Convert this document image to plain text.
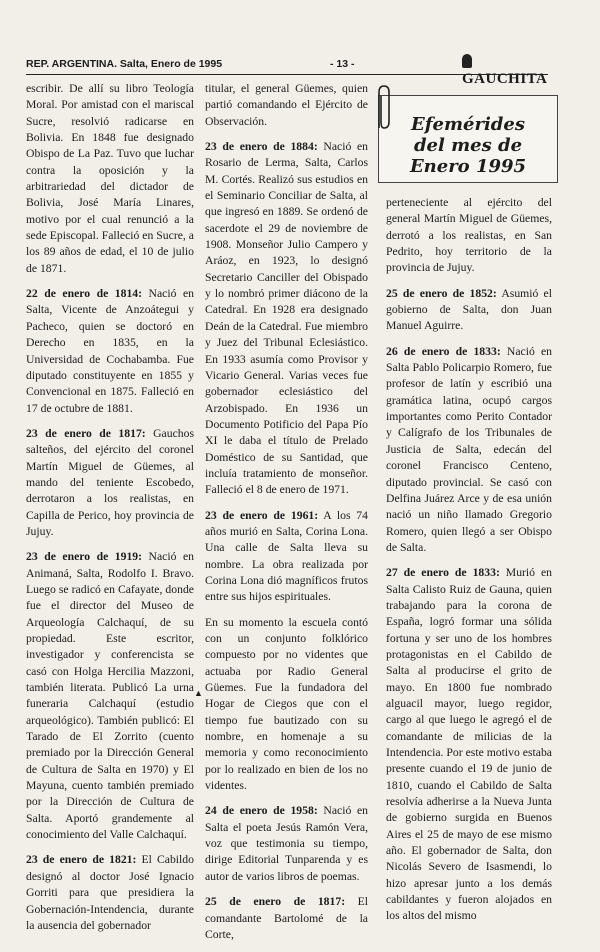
REP. ARGENTINA. Salta, Enero de 1995	- 13 -
GAUCHITA

escribir. De allí su libro Teología Moral. Por amistad con el mariscal Sucre, resolvió radicarse en Bolivia. En 1848 fue designado Obispo de La Paz. Tuvo que luchar contra la oposición y la arbitrariedad del dictador de Bolivia, José María Linares, motivo por el cual renunció a la sede Episcopal. Falleció en Sucre, a los 89 años de edad, el 10 de julio de 1871.

22 de enero de 1814: Nació en Salta, Vicente de Anzoátegui y Pacheco, quien se doctoró en Derecho en 1835, en la Universidad de Cochabamba. Fue diputado constituyente en 1855 y Convencional en 1875. Falleció en 17 de octubre de 1881.

23 de enero de 1817: Gauchos salteños, del ejército del coronel Martín Miguel de Güemes, al mando del teniente Escobedo, derrotaron a los realistas, en Capilla de Perico, hoy provincia de Jujuy.

23 de enero de 1919: Nació en Animaná, Salta, Rodolfo I. Bravo. Luego se radicó en Cafayate, donde fue el director del Museo de Arqueología Calchaquí, de su propiedad. Este escritor, investigador y conferencista se casó con Holga Hercilia Mazzoni, también literata. Publicó La urna funeraria Calchaquí (estudio arqueológico). También publicó: El Tarado de El Zorrito (cuento premiado por la Dirección General de Cultura de Salta en 1970) y El Mayuna, cuento también premiado por la Dirección de Cultura de Salta. Aportó grandemente al conocimiento del Valle Calchaquí.

23 de enero de 1821: El Cabildo designó al doctor José Ignacio Gorriti para que presidiera la Gobernación-Intendencia, durante la ausencia del gobernador

titular, el general Güemes, quien partió comandando el Ejército de Observación.

23 de enero de 1884: Nació en Rosario de Lerma, Salta, Carlos M. Cortés. Realizó sus estudios en el Seminario Conciliar de Salta, al que ingresó en 1889. Se ordenó de sacerdote el 29 de noviembre de 1908. Monseñor Julio Campero y Aráoz, en 1923, lo designó Secretario Canciller del Obispado y lo nombró primer diácono de la Catedral. En 1928 era designado Deán de la Catedral. Fue miembro y Juez del Tribunal Eclesiástico. En 1933 asumía como Provisor y Vicario General. Varias veces fue gobernador eclesiástico del Arzobispado. En 1936 un Documento Potificio del Papa Pío XI le daba el título de Prelado Doméstico de su Santidad, que incluía tratamiento de monseñor. Falleció el 8 de enero de 1971.

23 de enero de 1961: A los 74 años murió en Salta, Corina Lona. Una calle de Salta lleva su nombre. La obra realizada por Corina Lona dió magníficos frutos entre sus hijos espirituales.

En su momento la escuela contó con un conjunto folklórico compuesto por no videntes que actuaba por Radio General Güemes. Fue la fundadora del Hogar de Ciegos que con el tiempo fue bautizado con su nombre, en homenaje a su memoria y como reconocimiento por lo realizado en bien de los no videntes.

24 de enero de 1958: Nació en Salta el poeta Jesús Ramón Vera, voz que testimonia su tiempo, dirige Editorial Tunparenda y es autor de varios libros de poemas.

25 de enero de 1817: El comandante Bartolomé de la Corte,

Efemérides
del mes de
Enero 1995

perteneciente al ejército del general Martín Miguel de Güemes, derrotó a los realistas, en San Pedrito, hoy territorio de la provincia de Jujuy.

25 de enero de 1852: Asumió el gobierno de Salta, don Juan Manuel Aguirre.

26 de enero de 1833: Nació en Salta Pablo Policarpio Romero, fue profesor de latín y escribió una gramática latina, ocupó cargos importantes como Perito Contador y Calígrafo de los Tribunales de Justicia de Salta, edecán del coronel Francisco Centeno, diputado provincial. Se casó con Delfina Juárez Arce y de esa unión nació un niño llamado Gregorio Romero, quien llegó a ser Obispo de Salta.

27 de enero de 1833: Murió en Salta Calisto Ruiz de Gauna, quien trabajando para la corona de España, logró formar una sólida fortuna y ser uno de los hombres protagonistas en el Cabildo de Salta al producirse el grito de mayo. En 1800 fue nombrado alguacil mayor, luego regidor, cargo al que luego le agregó el de comandante de milicias de la Intendencia. Por este motivo estaba presente cuando el 19 de junio de 1810, cuando el Cabildo de Salta resolvía adherirse a la Nueva Junta de gobierno surgida en Buenos Aires el 25 de mayo de ese mismo año. El gobernador de Salta, don Nicolás Severo de Isasmendi, lo hizo apresar junto a los demás cabildantes y fueron alojados en los altos del mismo

▲
